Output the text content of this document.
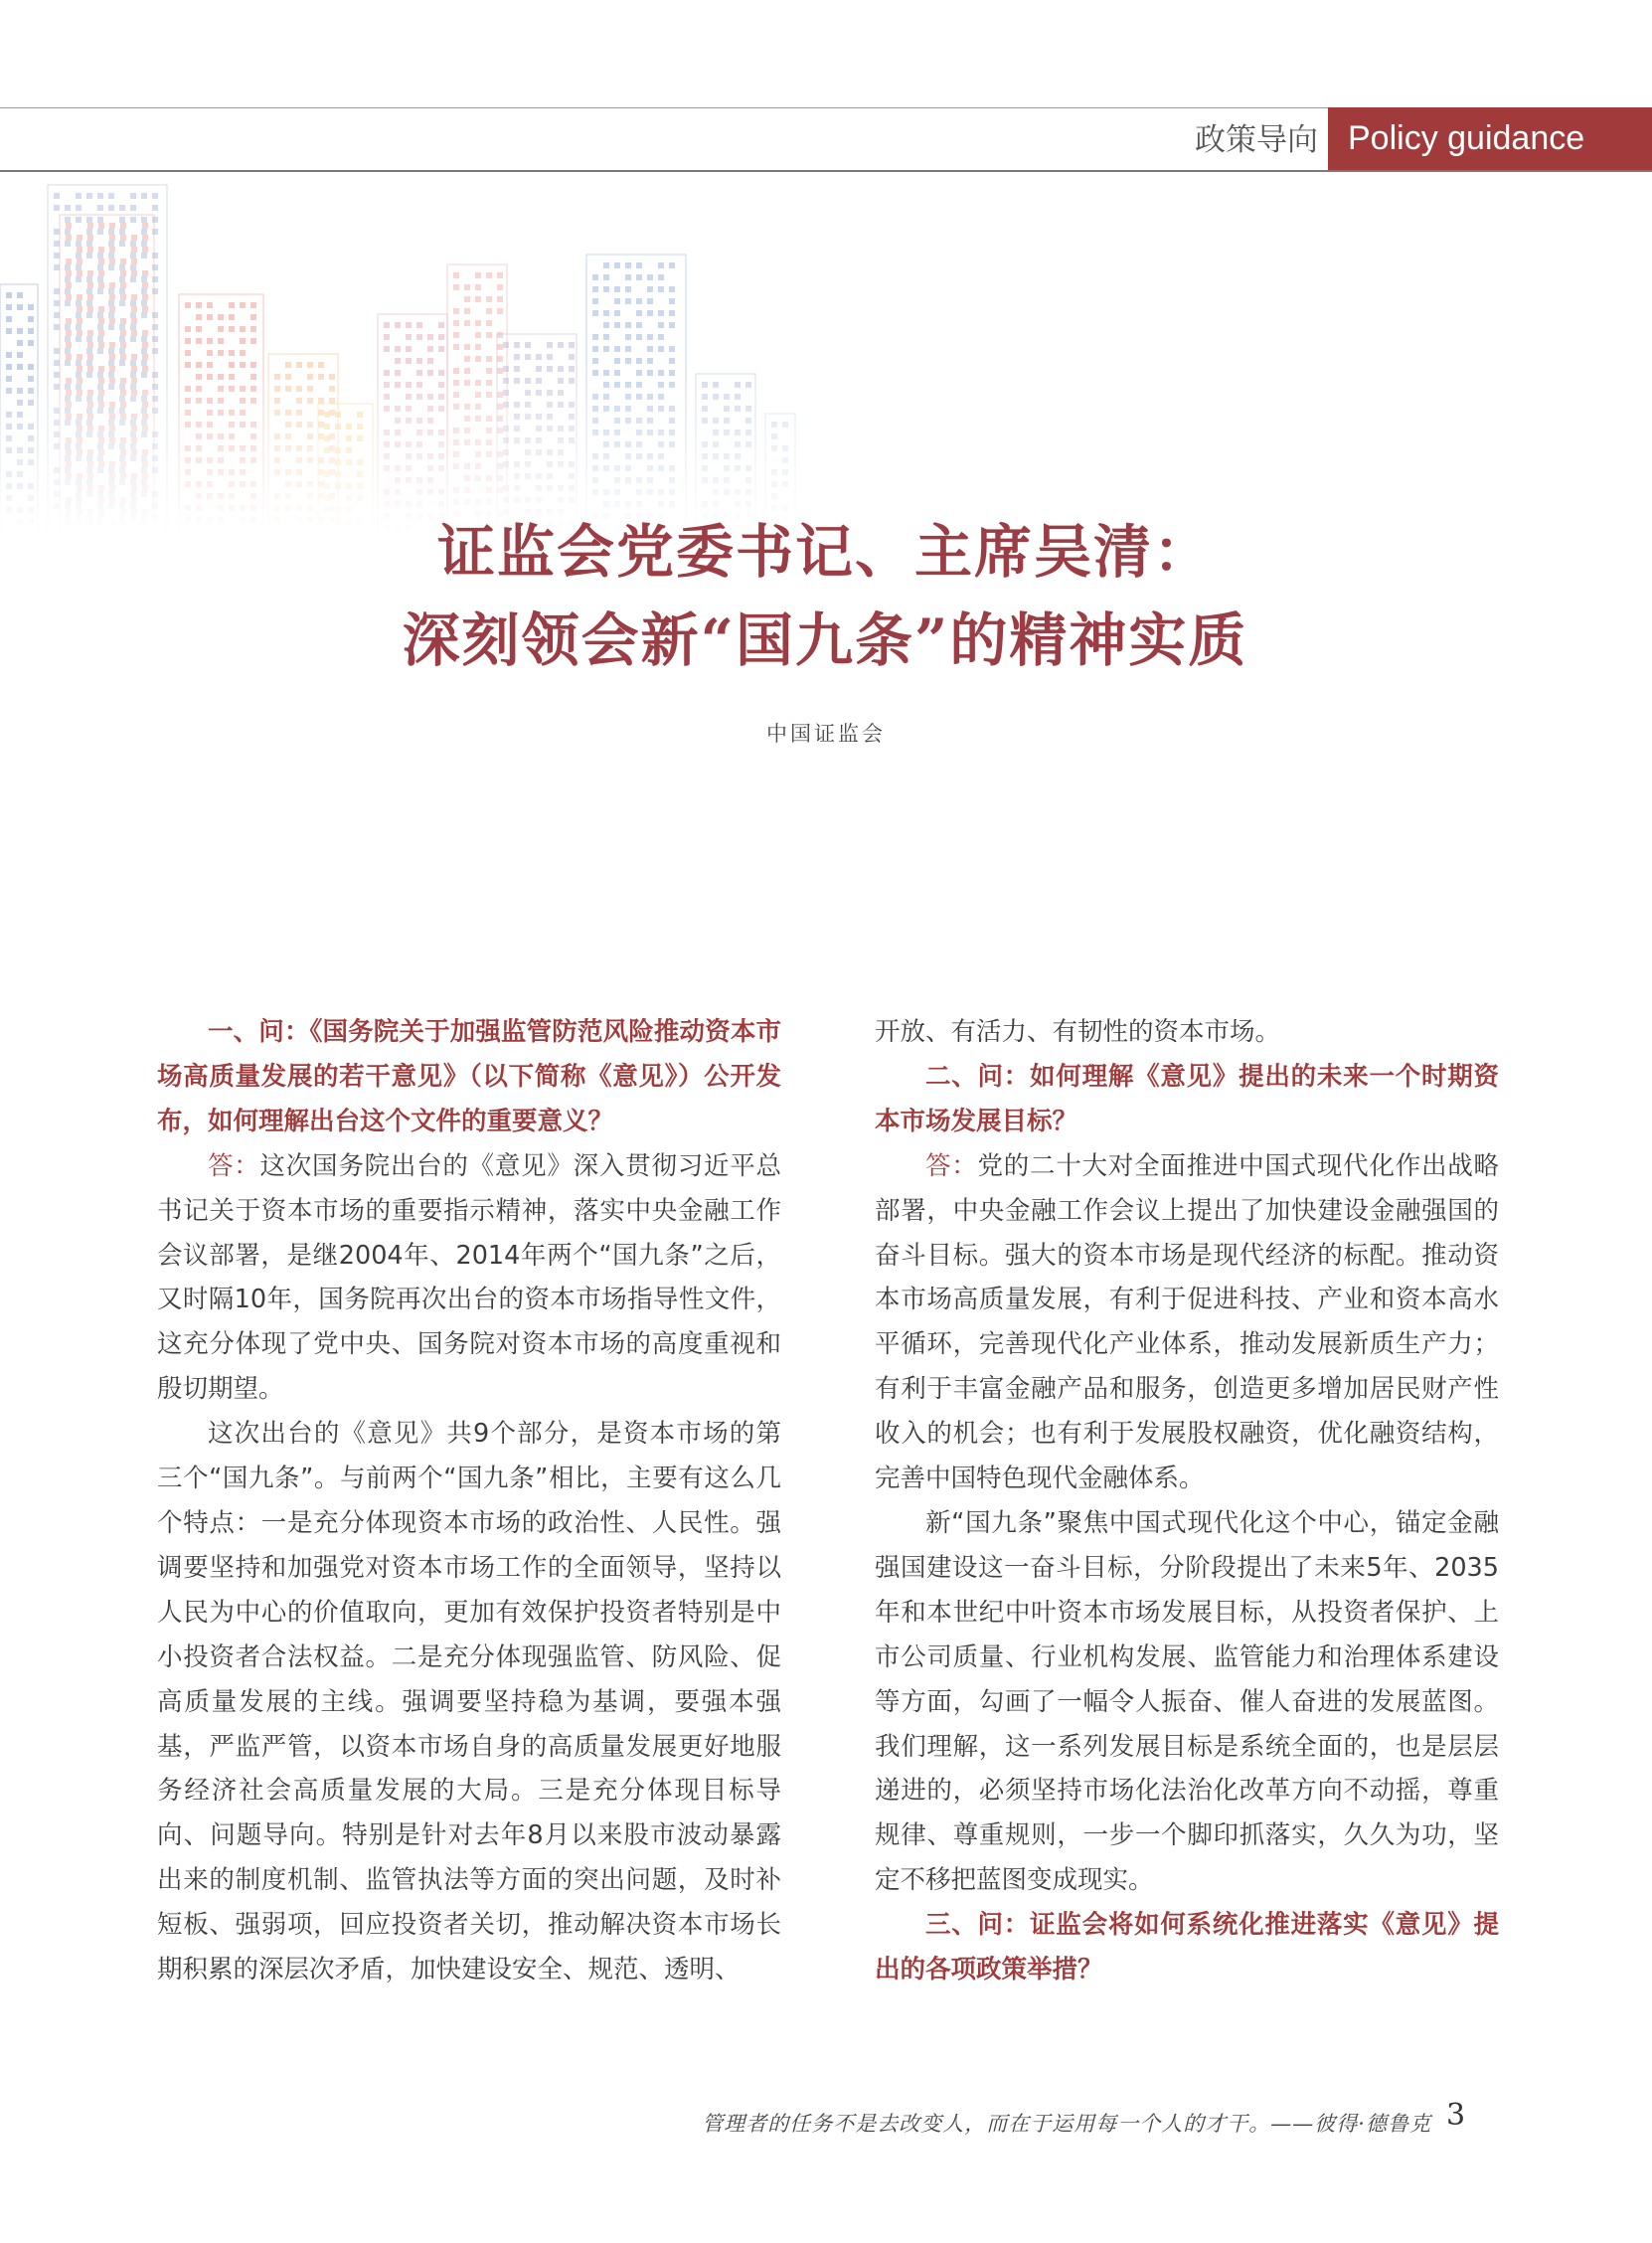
政策导向 Policy guidance
证监会党委书记、主席吴清：
深刻领会新“国九条”的精神实质
中国证监会

一、问：《国务院关于加强监管防范风险推动资本市场高质量发展的若干意见》（以下简称《意见》）公开发布，如何理解出台这个文件的重要意义？

答：这次国务院出台的《意见》深入贯彻习近平总书记关于资本市场的重要指示精神，落实中央金融工作会议部署，是继2004年、2014年两个“国九条”之后，又时隔10年，国务院再次出台的资本市场指导性文件，这充分体现了党中央、国务院对资本市场的高度重视和殷切期望。

这次出台的《意见》共9个部分，是资本市场的第三个“国九条”。与前两个“国九条”相比，主要有这么几个特点：一是充分体现资本市场的政治性、人民性。强调要坚持和加强党对资本市场工作的全面领导，坚持以人民为中心的价值取向，更加有效保护投资者特别是中小投资者合法权益。二是充分体现强监管、防风险、促高质量发展的主线。强调要坚持稳为基调，要强本强基，严监严管，以资本市场自身的高质量发展更好地服务经济社会高质量发展的大局。三是充分体现目标导向、问题导向。特别是针对去年8月以来股市波动暴露出来的制度机制、监管执法等方面的突出问题，及时补短板、强弱项，回应投资者关切，推动解决资本市场长期积累的深层次矛盾，加快建设安全、规范、透明、

开放、有活力、有韧性的资本市场。

二、问：如何理解《意见》提出的未来一个时期资本市场发展目标？

答：党的二十大对全面推进中国式现代化作出战略部署，中央金融工作会议上提出了加快建设金融强国的奋斗目标。强大的资本市场是现代经济的标配。推动资本市场高质量发展，有利于促进科技、产业和资本高水平循环，完善现代化产业体系，推动发展新质生产力；有利于丰富金融产品和服务，创造更多增加居民财产性收入的机会；也有利于发展股权融资，优化融资结构，完善中国特色现代金融体系。

新“国九条”聚焦中国式现代化这个中心，锚定金融强国建设这一奋斗目标，分阶段提出了未来5年、2035年和本世纪中叶资本市场发展目标，从投资者保护、上市公司质量、行业机构发展、监管能力和治理体系建设等方面，勾画了一幅令人振奋、催人奋进的发展蓝图。我们理解，这一系列发展目标是系统全面的，也是层层递进的，必须坚持市场化法治化改革方向不动摇，尊重规律、尊重规则，一步一个脚印抓落实，久久为功，坚定不移把蓝图变成现实。

三、问：证监会将如何系统化推进落实《意见》提出的各项政策举措？

管理者的任务不是去改变人，而在于运用每一个人的才干。——彼得·德鲁克 3
